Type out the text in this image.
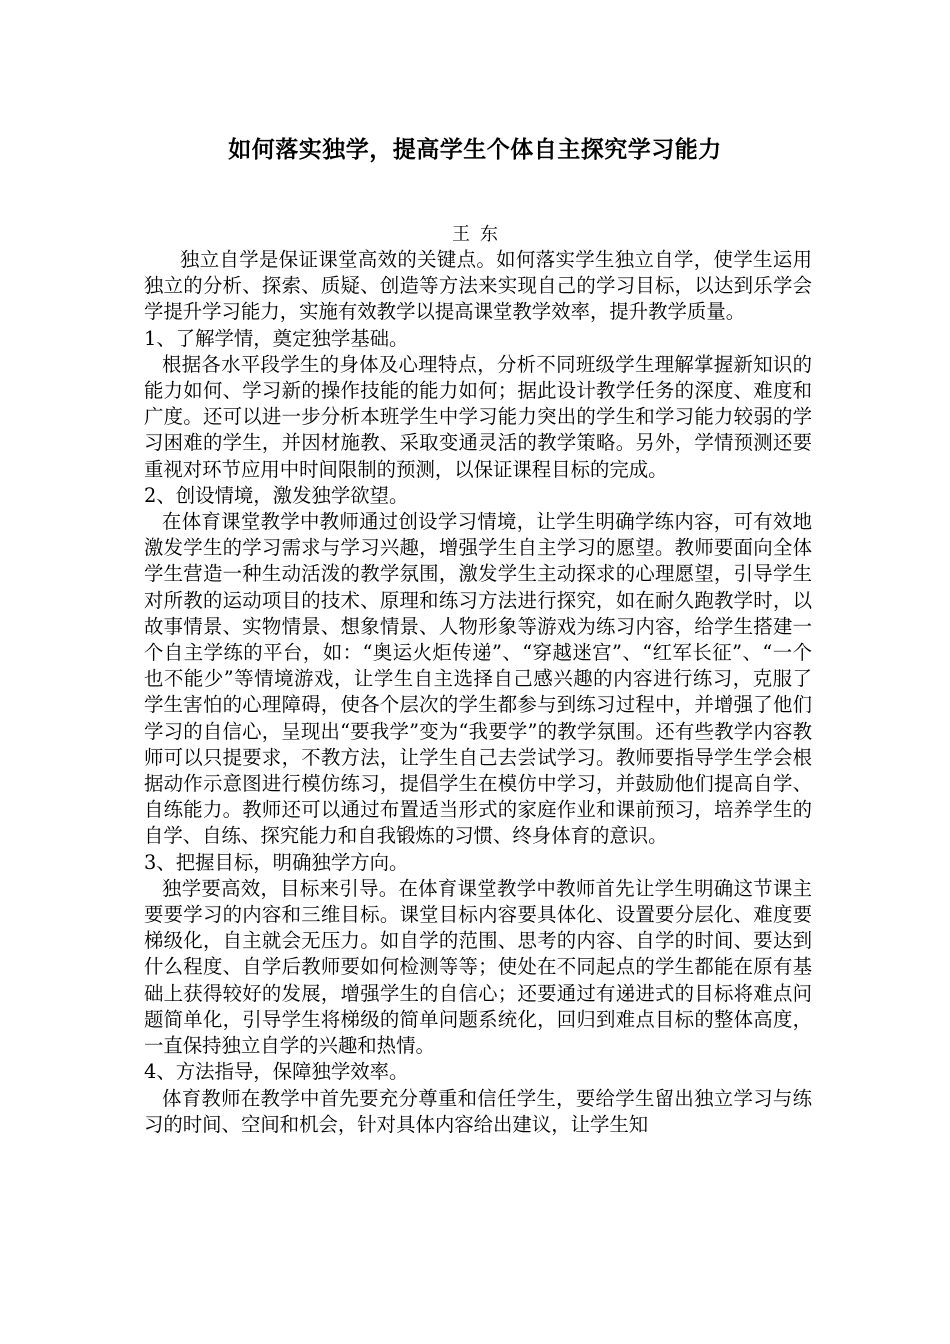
如何落实独学，提高学生个体自主探究学习能力
王东

独立自学是保证课堂高效的关键点。如何落实学生独立自学，使学生运用独立的分析、探索、质疑、创造等方法来实现自己的学习目标，以达到乐学会学提升学习能力，实施有效教学以提高课堂教学效率，提升教学质量。

1、了解学情，奠定独学基础。

根据各水平段学生的身体及心理特点，分析不同班级学生理解掌握新知识的能力如何、学习新的操作技能的能力如何；据此设计教学任务的深度、难度和广度。还可以进一步分析本班学生中学习能力突出的学生和学习能力较弱的学习困难的学生，并因材施教、采取变通灵活的教学策略。另外，学情预测还要重视对环节应用中时间限制的预测，以保证课程目标的完成。

2、创设情境，激发独学欲望。

在体育课堂教学中教师通过创设学习情境，让学生明确学练内容，可有效地激发学生的学习需求与学习兴趣，增强学生自主学习的愿望。教师要面向全体学生营造一种生动活泼的教学氛围，激发学生主动探求的心理愿望，引导学生对所教的运动项目的技术、原理和练习方法进行探究，如在耐久跑教学时，以故事情景、实物情景、想象情景、人物形象等游戏为练习内容，给学生搭建一个自主学练的平台，如：“奥运火炬传递”、“穿越迷宫”、“红军长征”、“一个也不能少”等情境游戏，让学生自主选择自己感兴趣的内容进行练习，克服了学生害怕的心理障碍，使各个层次的学生都参与到练习过程中，并增强了他们学习的自信心，呈现出“要我学”变为“我要学”的教学氛围。还有些教学内容教师可以只提要求，不教方法，让学生自己去尝试学习。教师要指导学生学会根据动作示意图进行模仿练习，提倡学生在模仿中学习，并鼓励他们提高自学、自练能力。教师还可以通过布置适当形式的家庭作业和课前预习，培养学生的自学、自练、探究能力和自我锻炼的习惯、终身体育的意识。

3、把握目标，明确独学方向。

独学要高效，目标来引导。在体育课堂教学中教师首先让学生明确这节课主要要学习的内容和三维目标。课堂目标内容要具体化、设置要分层化、难度要梯级化，自主就会无压力。如自学的范围、思考的内容、自学的时间、要达到什么程度、自学后教师要如何检测等等；使处在不同起点的学生都能在原有基础上获得较好的发展，增强学生的自信心；还要通过有递进式的目标将难点问题简单化，引导学生将梯级的简单问题系统化，回归到难点目标的整体高度，一直保持独立自学的兴趣和热情。

4、方法指导，保障独学效率。

体育教师在教学中首先要充分尊重和信任学生，要给学生留出独立学习与练习的时间、空间和机会，针对具体内容给出建议，让学生知
